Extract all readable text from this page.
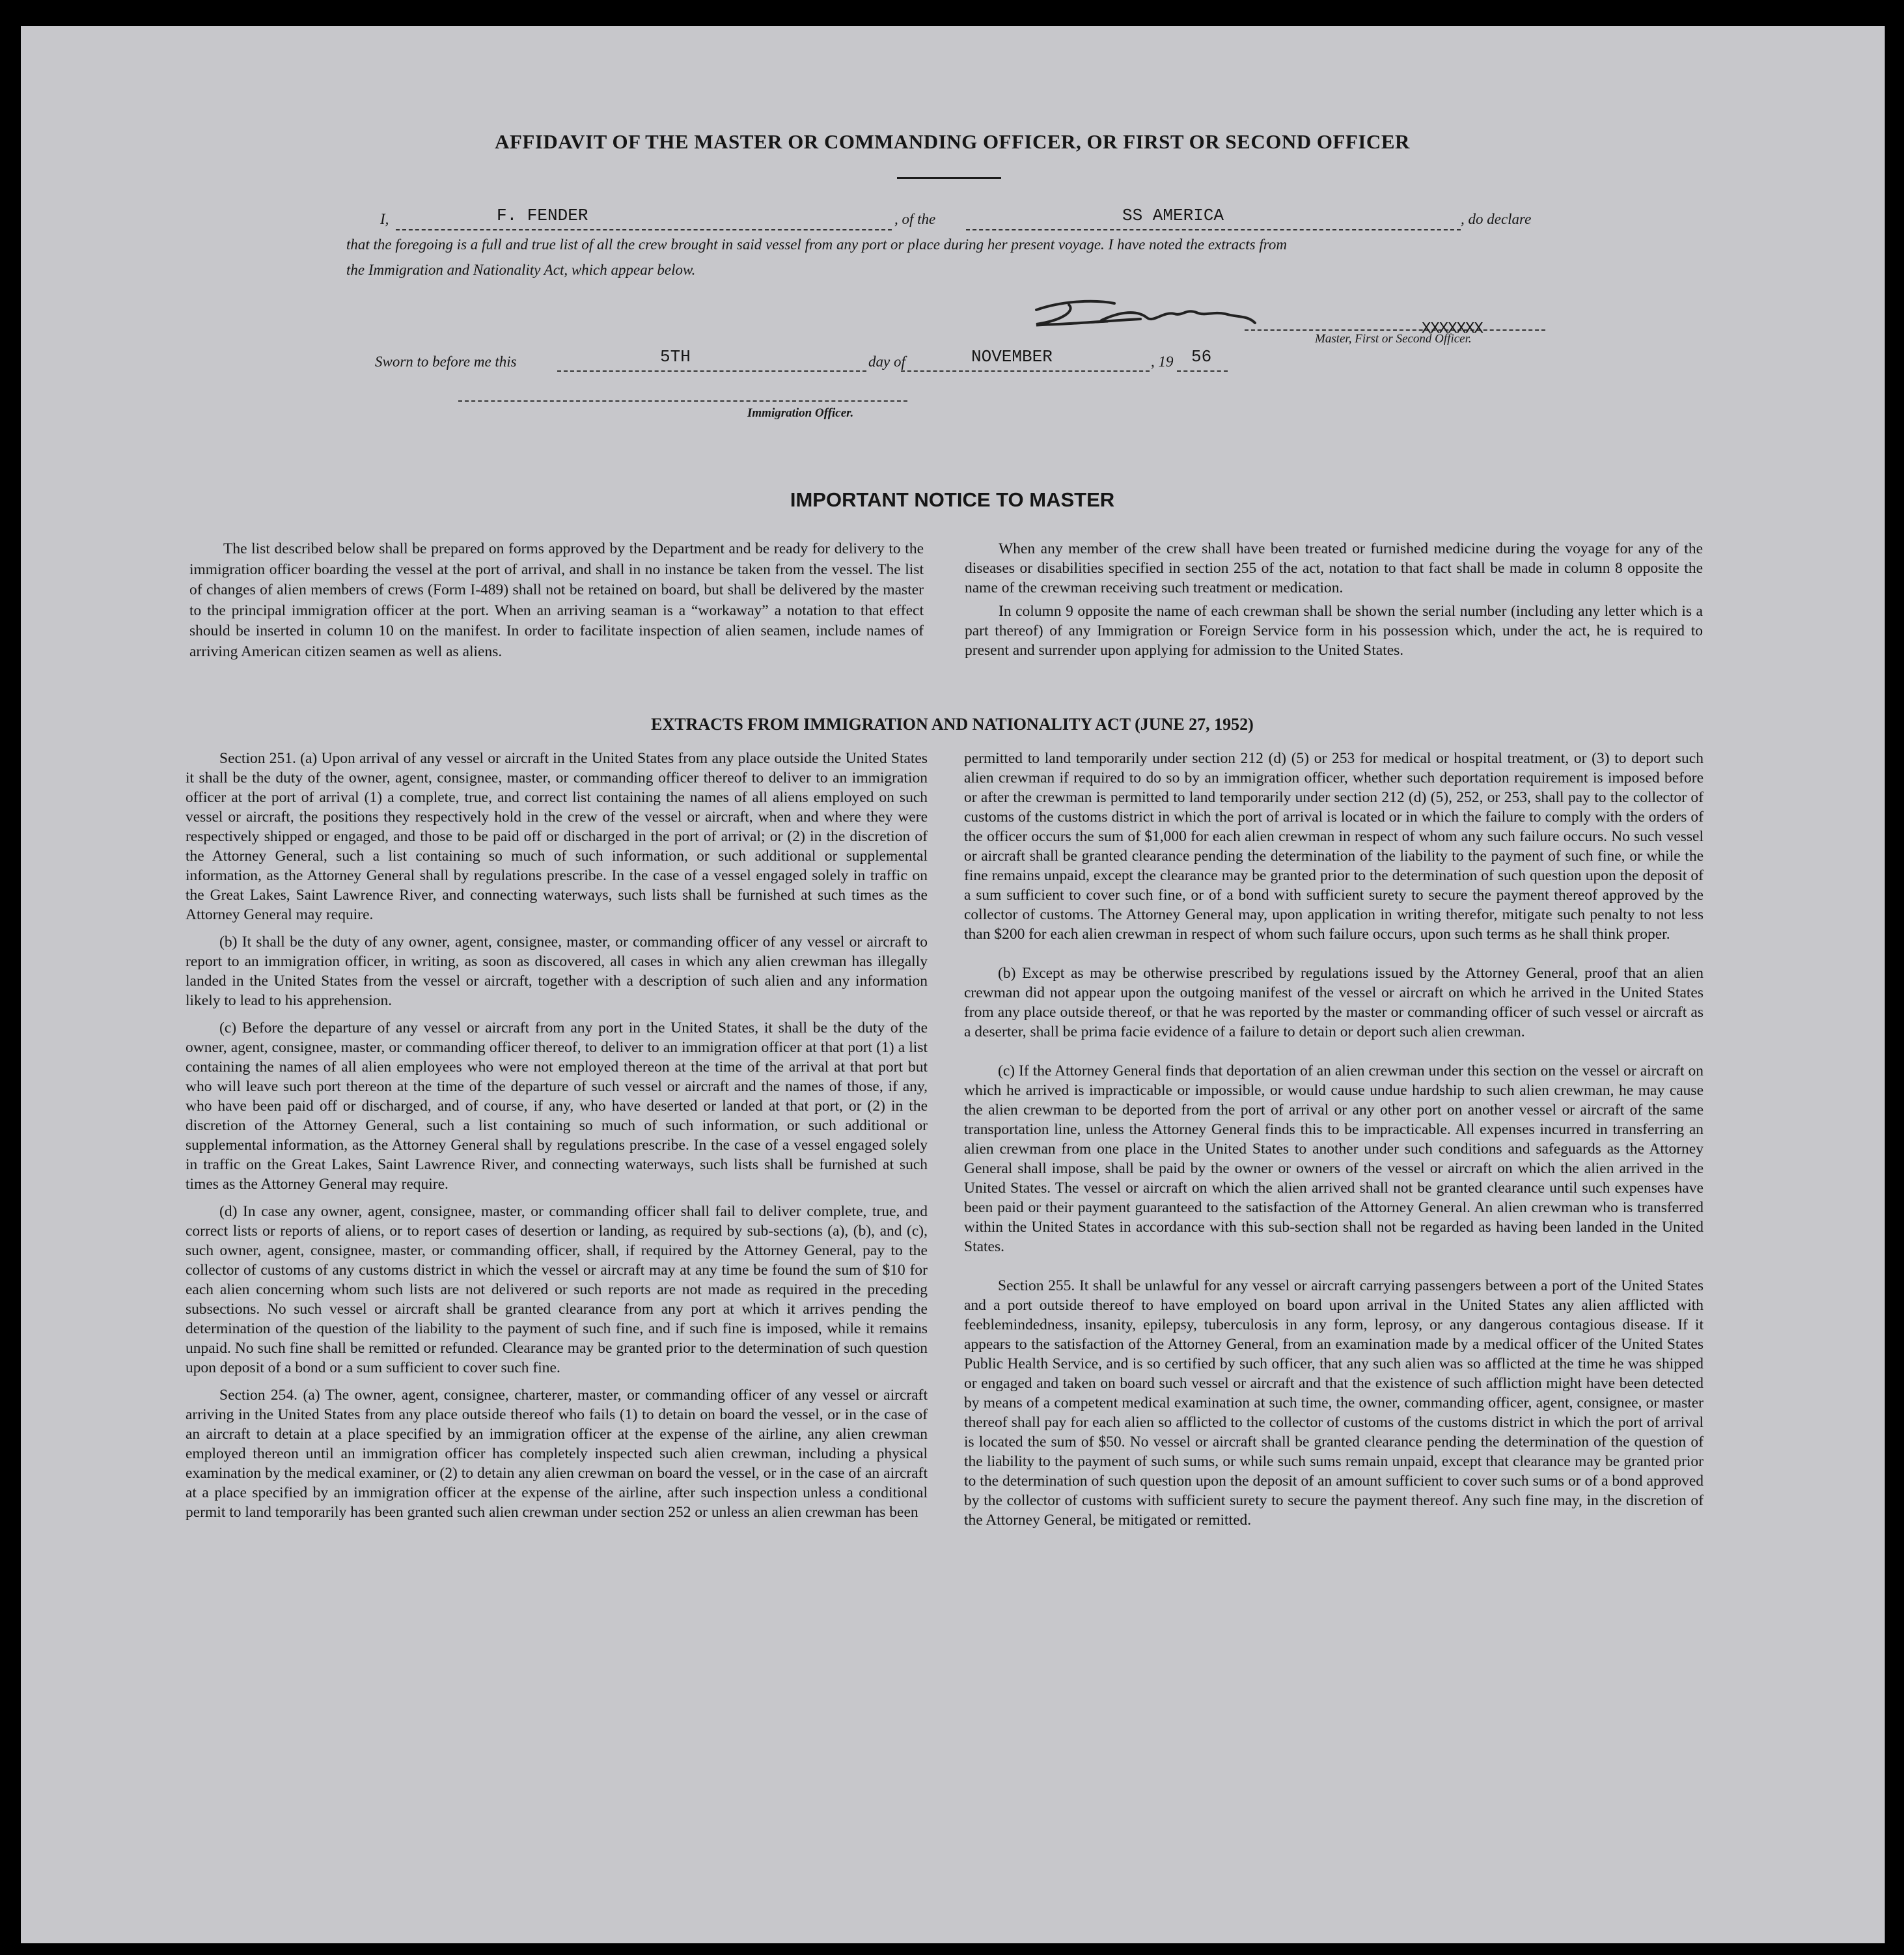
AFFIDAVIT OF THE MASTER OR COMMANDING OFFICER, OR FIRST OR SECOND OFFICER
I,	F. FENDER	, of the	SS AMERICA	, do declare
that the foregoing is a full and true list of all the crew brought in said vessel from any port or place during her present voyage. I have noted the extracts from
the Immigration and Nationality Act, which appear below.
Master, First or Second Officer.
XXXXXXX
Sworn to before me this	5TH	day of	NOVEMBER	, 19 56
Immigration Officer.
IMPORTANT NOTICE TO MASTER

The list described below shall be prepared on forms approved by the Department and be ready for delivery to the immigration officer boarding the vessel at the port of arrival, and shall in no instance be taken from the vessel. The list of changes of alien members of crews (Form I-489) shall not be retained on board, but shall be delivered by the master to the principal immigration officer at the port. When an arriving seaman is a “workaway” a notation to that effect should be inserted in column 10 on the manifest. In order to facilitate inspection of alien seamen, include names of arriving American citizen seamen as well as aliens.

When any member of the crew shall have been treated or furnished medicine during the voyage for any of the diseases or disabilities specified in section 255 of the act, notation to that fact shall be made in column 8 opposite the name of the crewman receiving such treatment or medication.

In column 9 opposite the name of each crewman shall be shown the serial number (including any letter which is a part thereof) of any Immigration or Foreign Service form in his possession which, under the act, he is required to present and surrender upon applying for admission to the United States.

EXTRACTS FROM IMMIGRATION AND NATIONALITY ACT (JUNE 27, 1952)

Section 251. (a) Upon arrival of any vessel or aircraft in the United States from any place outside the United States it shall be the duty of the owner, agent, consignee, master, or commanding officer thereof to deliver to an immigration officer at the port of arrival (1) a complete, true, and correct list containing the names of all aliens employed on such vessel or aircraft, the positions they respectively hold in the crew of the vessel or aircraft, when and where they were respectively shipped or engaged, and those to be paid off or discharged in the port of arrival; or (2) in the discretion of the Attorney General, such a list containing so much of such information, or such additional or supplemental information, as the Attorney General shall by regulations prescribe. In the case of a vessel engaged solely in traffic on the Great Lakes, Saint Lawrence River, and connecting waterways, such lists shall be furnished at such times as the Attorney General may require.

(b) It shall be the duty of any owner, agent, consignee, master, or commanding officer of any vessel or aircraft to report to an immigration officer, in writing, as soon as discovered, all cases in which any alien crewman has illegally landed in the United States from the vessel or aircraft, together with a description of such alien and any information likely to lead to his apprehension.

(c) Before the departure of any vessel or aircraft from any port in the United States, it shall be the duty of the owner, agent, consignee, master, or commanding officer thereof, to deliver to an immigration officer at that port (1) a list containing the names of all alien employees who were not employed thereon at the time of the arrival at that port but who will leave such port thereon at the time of the departure of such vessel or aircraft and the names of those, if any, who have been paid off or discharged, and of course, if any, who have deserted or landed at that port, or (2) in the discretion of the Attorney General, such a list containing so much of such information, or such additional or supplemental information, as the Attorney General shall by regulations prescribe. In the case of a vessel engaged solely in traffic on the Great Lakes, Saint Lawrence River, and connecting waterways, such lists shall be furnished at such times as the Attorney General may require.

(d) In case any owner, agent, consignee, master, or commanding officer shall fail to deliver complete, true, and correct lists or reports of aliens, or to report cases of desertion or landing, as required by sub-sections (a), (b), and (c), such owner, agent, consignee, master, or commanding officer, shall, if required by the Attorney General, pay to the collector of customs of any customs district in which the vessel or aircraft may at any time be found the sum of $10 for each alien concerning whom such lists are not delivered or such reports are not made as required in the preceding subsections. No such vessel or aircraft shall be granted clearance from any port at which it arrives pending the determination of the question of the liability to the payment of such fine, and if such fine is imposed, while it remains unpaid. No such fine shall be remitted or refunded. Clearance may be granted prior to the determination of such question upon deposit of a bond or a sum sufficient to cover such fine.

Section 254. (a) The owner, agent, consignee, charterer, master, or commanding officer of any vessel or aircraft arriving in the United States from any place outside thereof who fails (1) to detain on board the vessel, or in the case of an aircraft to detain at a place specified by an immigration officer at the expense of the airline, any alien crewman employed thereon until an immigration officer has completely inspected such alien crewman, including a physical examination by the medical examiner, or (2) to detain any alien crewman on board the vessel, or in the case of an aircraft at a place specified by an immigration officer at the expense of the airline, after such inspection unless a conditional permit to land temporarily has been granted such alien crewman under section 252 or unless an alien crewman has been

permitted to land temporarily under section 212 (d) (5) or 253 for medical or hospital treatment, or (3) to deport such alien crewman if required to do so by an immigration officer, whether such deportation requirement is imposed before or after the crewman is permitted to land temporarily under section 212 (d) (5), 252, or 253, shall pay to the collector of customs of the customs district in which the port of arrival is located or in which the failure to comply with the orders of the officer occurs the sum of $1,000 for each alien crewman in respect of whom any such failure occurs. No such vessel or aircraft shall be granted clearance pending the determination of the liability to the payment of such fine, or while the fine remains unpaid, except the clearance may be granted prior to the determination of such question upon the deposit of a sum sufficient to cover such fine, or of a bond with sufficient surety to secure the payment thereof approved by the collector of customs. The Attorney General may, upon application in writing therefor, mitigate such penalty to not less than $200 for each alien crewman in respect of whom such failure occurs, upon such terms as he shall think proper.

(b) Except as may be otherwise prescribed by regulations issued by the Attorney General, proof that an alien crewman did not appear upon the outgoing manifest of the vessel or aircraft on which he arrived in the United States from any place outside thereof, or that he was reported by the master or commanding officer of such vessel or aircraft as a deserter, shall be prima facie evidence of a failure to detain or deport such alien crewman.

(c) If the Attorney General finds that deportation of an alien crewman under this section on the vessel or aircraft on which he arrived is impracticable or impossible, or would cause undue hardship to such alien crewman, he may cause the alien crewman to be deported from the port of arrival or any other port on another vessel or aircraft of the same transportation line, unless the Attorney General finds this to be impracticable. All expenses incurred in transferring an alien crewman from one place in the United States to another under such conditions and safeguards as the Attorney General shall impose, shall be paid by the owner or owners of the vessel or aircraft on which the alien arrived in the United States. The vessel or aircraft on which the alien arrived shall not be granted clearance until such expenses have been paid or their payment guaranteed to the satisfaction of the Attorney General. An alien crewman who is transferred within the United States in accordance with this sub-section shall not be regarded as having been landed in the United States.

Section 255. It shall be unlawful for any vessel or aircraft carrying passengers between a port of the United States and a port outside thereof to have employed on board upon arrival in the United States any alien afflicted with feeblemindedness, insanity, epilepsy, tuberculosis in any form, leprosy, or any dangerous contagious disease. If it appears to the satisfaction of the Attorney General, from an examination made by a medical officer of the United States Public Health Service, and is so certified by such officer, that any such alien was so afflicted at the time he was shipped or engaged and taken on board such vessel or aircraft and that the existence of such affliction might have been detected by means of a competent medical examination at such time, the owner, commanding officer, agent, consignee, or master thereof shall pay for each alien so afflicted to the collector of customs of the customs district in which the port of arrival is located the sum of $50. No vessel or aircraft shall be granted clearance pending the determination of the question of the liability to the payment of such sums, or while such sums remain unpaid, except that clearance may be granted prior to the determination of such question upon the deposit of an amount sufficient to cover such sums or of a bond approved by the collector of customs with sufficient surety to secure the payment thereof. Any such fine may, in the discretion of the Attorney General, be mitigated or remitted.
